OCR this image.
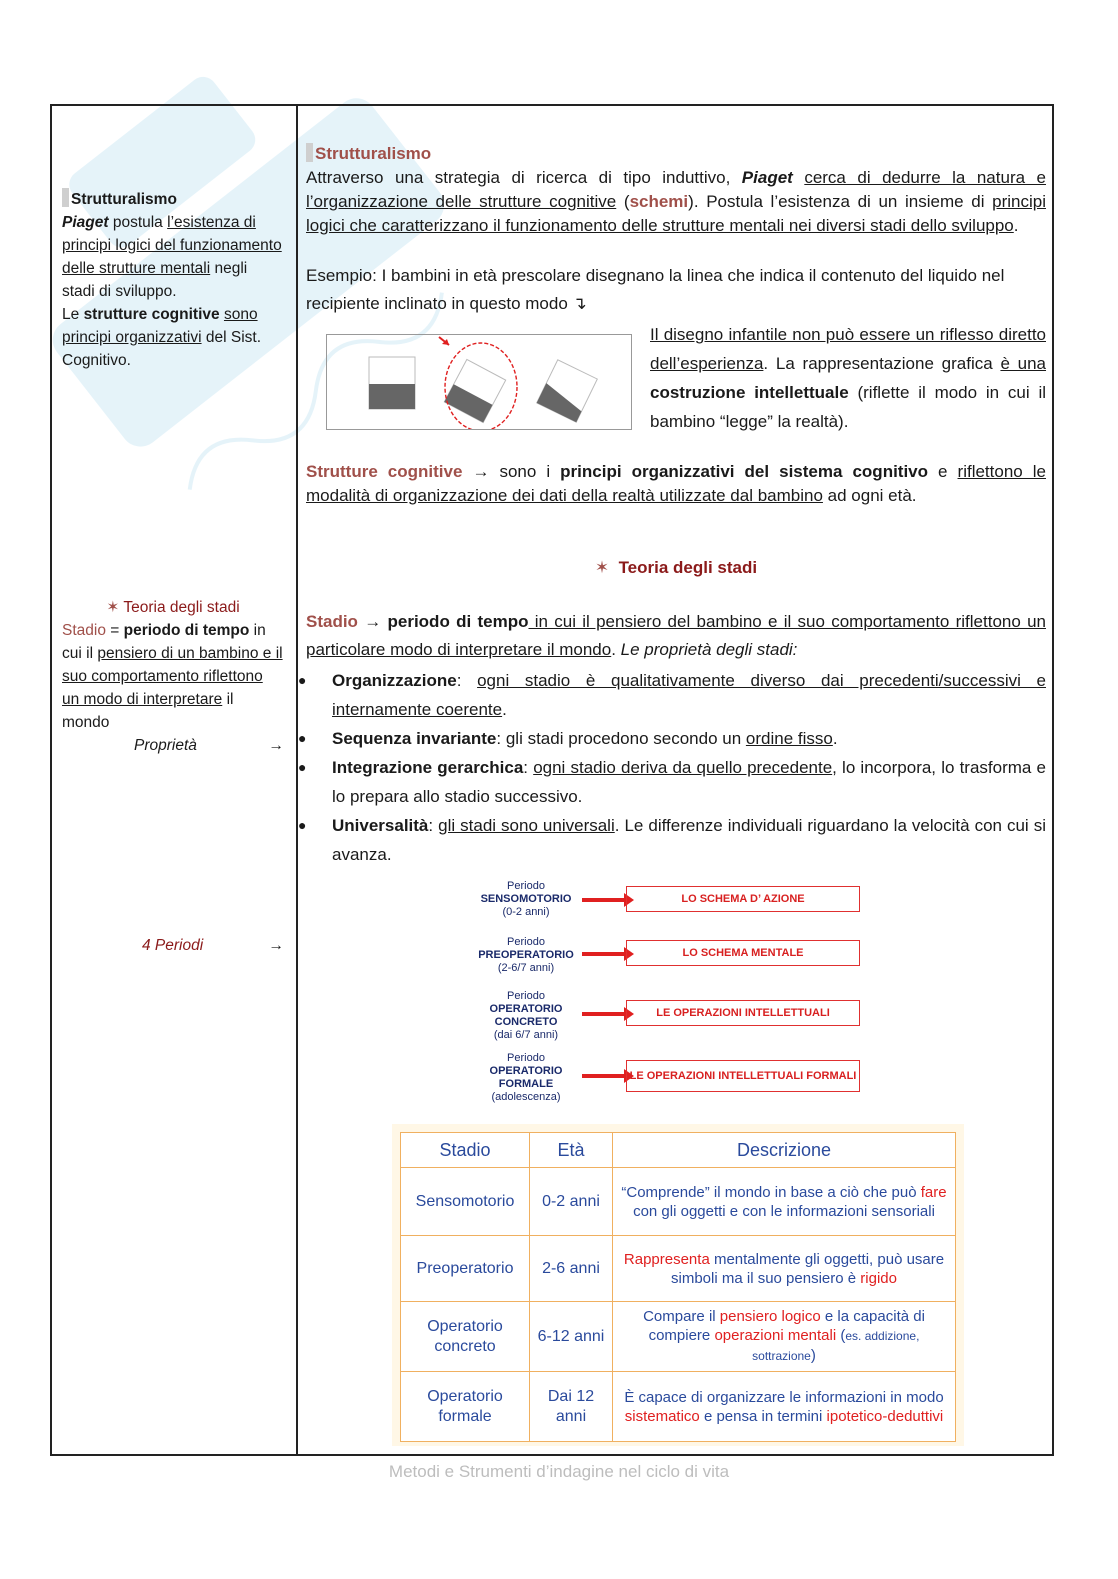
Strutturalismo
Piaget postula l’esistenza di principi logici del funzionamento delle strutture mentali negli stadi di sviluppo.
Le strutture cognitive sono principi organizzativi del Sist. Cognitivo.
✶ Teoria degli stadi
Stadio = periodo di tempo in cui il pensiero di un bambino e il suo comportamento riflettono un modo di interpretare il mondo
Proprietà	→
4 Periodi	→
Strutturalismo
Attraverso una strategia di ricerca di tipo induttivo, Piaget cerca di dedurre la natura e l’organizzazione delle strutture cognitive (schemi). Postula l’esistenza di un insieme di principi logici che caratterizzano il funzionamento delle strutture mentali nei diversi stadi dello sviluppo.
Esempio: I bambini in età prescolare disegnano la linea che indica il contenuto del liquido nel recipiente inclinato in questo modo ↴
Il disegno infantile non può essere un riflesso diretto dell’esperienza. La rappresentazione grafica è una costruzione intellettuale (riflette il modo in cui il bambino “legge” la realtà).
Strutture cognitive → sono i principi organizzativi del sistema cognitivo e riflettono le modalità di organizzazione dei dati della realtà utilizzate dal bambino ad ogni età.
✶ Teoria degli stadi
Stadio → periodo di tempo in cui il pensiero del bambino e il suo comportamento riflettono un particolare modo di interpretare il mondo. Le proprietà degli stadi:

● Organizzazione: ogni stadio è qualitativamente diverso dai precedenti/successivi e internamente coerente.

● Sequenza invariante: gli stadi procedono secondo un ordine fisso.

● Integrazione gerarchica: ogni stadio deriva da quello precedente, lo incorpora, lo trasforma e lo prepara allo stadio successivo.

● Universalità: gli stadi sono universali. Le differenze individuali riguardano la velocità con cui si avanza.

Periodo
SENSOMOTORIO
(0-2 anni)
LO SCHEMA D’ AZIONE
Periodo
PREOPERATORIO
(2-6/7 anni)
LO SCHEMA MENTALE
Periodo
OPERATORIO CONCRETO
(dai 6/7 anni)
LE OPERAZIONI INTELLETTUALI
Periodo
OPERATORIO FORMALE
(adolescenza)
LE OPERAZIONI INTELLETTUALI FORMALI
Stadio	Età	Descrizione
Sensomotorio	0-2 anni	“Comprende” il mondo in base a ciò che può fare con gli oggetti e con le informazioni sensoriali
Preoperatorio	2-6 anni	Rappresenta mentalmente gli oggetti, può usare simboli ma il suo pensiero è rigido
Operatorio concreto	6-12 anni	Compare il pensiero logico e la capacità di compiere operazioni mentali (es. addizione, sottrazione)
Operatorio formale	Dai 12 anni	È capace di organizzare le informazioni in modo sistematico e pensa in termini ipotetico-deduttivi
Metodi e Strumenti d’indagine nel ciclo di vita
